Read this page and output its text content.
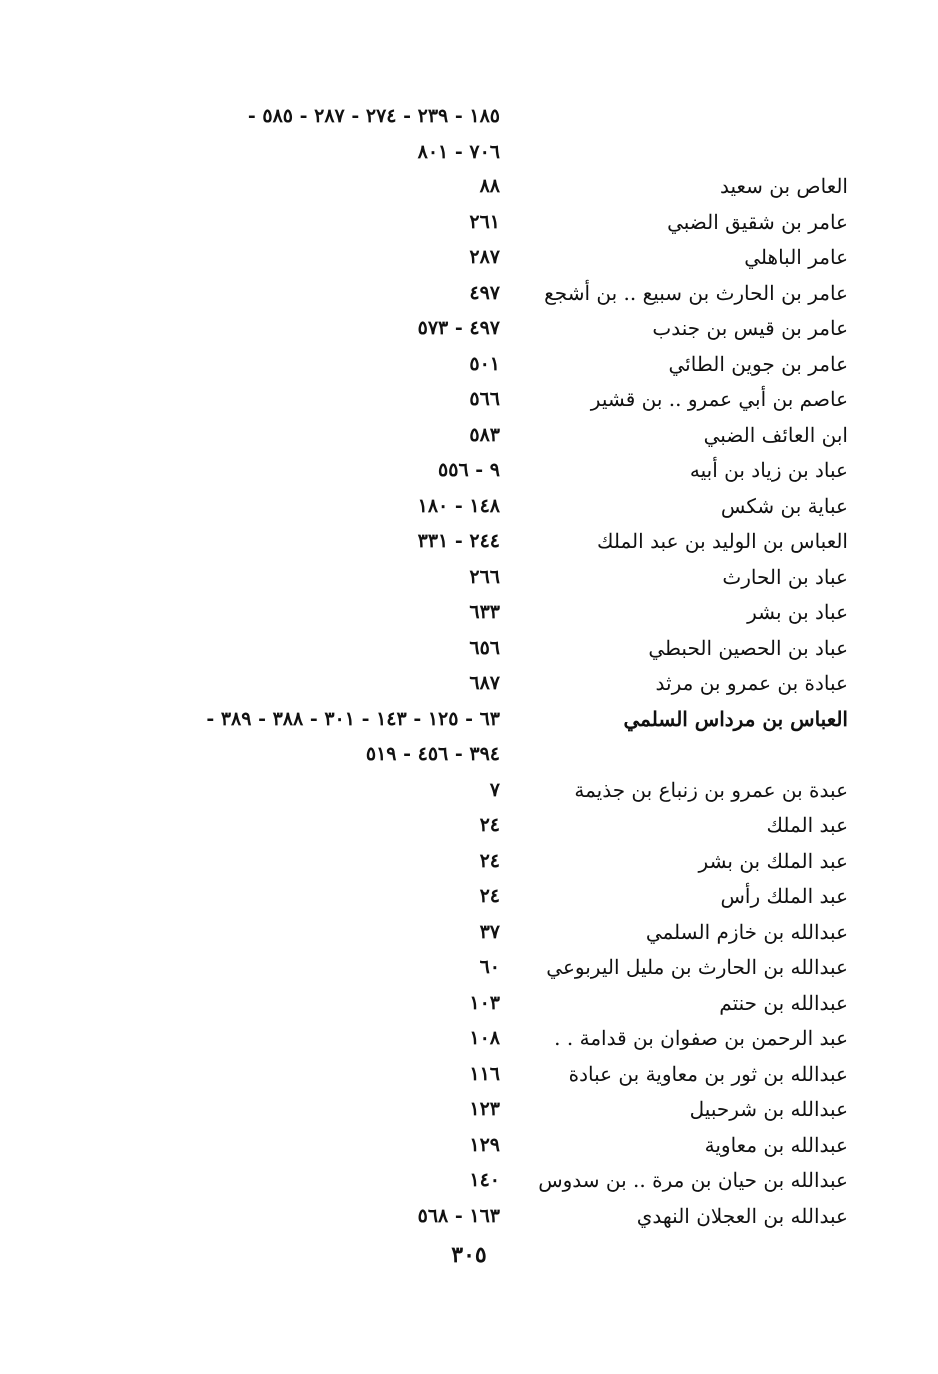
١٨٥ - ٢٣٩ - ٢٧٤ - ٢٨٧ - ٥٨٥ -
٧٠٦ - ٨٠١
العاص بن سعيد
٨٨
عامر بن شقيق الضبي
٢٦١
عامر الباهلي
٢٨٧
عامر بن الحارث بن سبيع .. بن أشجع
٤٩٧
عامر بن قيس بن جندب
٤٩٧ - ٥٧٣
عامر بن جوين الطائي
٥٠١
عاصم بن أبي عمرو .. بن قشير
٥٦٦
ابن العائف الضبي
٥٨٣
عباد بن زياد بن أبيه
٩ - ٥٥٦
عباية بن شكس
١٤٨ - ١٨٠
العباس بن الوليد بن عبد الملك
٢٤٤ - ٣٣١
عباد بن الحارث
٢٦٦
عباد بن بشر
٦٣٣
عباد بن الحصين الحبطي
٦٥٦
عبادة بن عمرو بن مرثد
٦٨٧
العباس بن مرداس السلمي
٦٣ - ١٢٥ - ١٤٣ - ٣٠١ - ٣٨٨ - ٣٨٩ -
٣٩٤ - ٤٥٦ - ٥١٩
عبدة بن عمرو بن زنباع بن جذيمة
٧
عبد الملك
٢٤
عبد الملك بن بشر
٢٤
عبد الملك رأس
٢٤
عبدالله بن خازم السلمي
٣٧
عبدالله بن الحارث بن مليل اليربوعي
٦٠
عبدالله بن حنتم
١٠٣
عبد الرحمن بن صفوان بن قدامة . .
١٠٨
عبدالله بن ثور بن معاوية بن عبادة
١١٦
عبدالله بن شرحبيل
١٢٣
عبدالله بن معاوية
١٢٩
عبدالله بن حيان بن مرة .. بن سدوس
١٤٠
عبدالله بن العجلان النهدي
١٦٣ - ٥٦٨
٣٠٥
